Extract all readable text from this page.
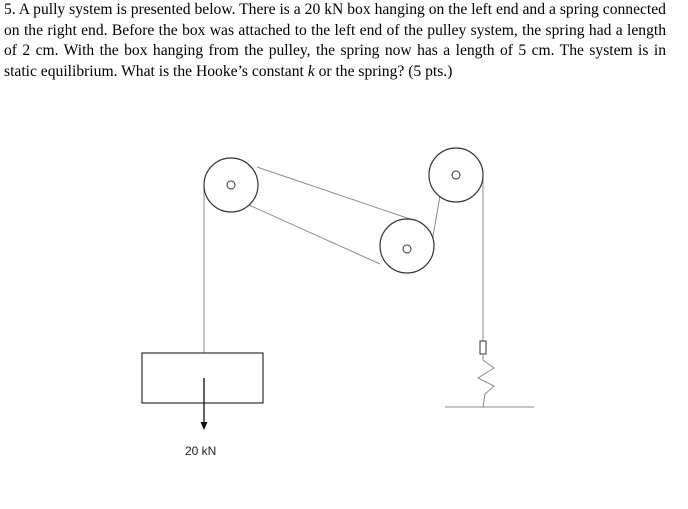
5. A pully system is presented below. There is a 20 kN box hanging on the left end and a spring connected on the right end. Before the box was attached to the left end of the pulley system, the spring had a length of 2 cm. With the box hanging from the pulley, the spring now has a length of 5 cm. The system is in static equilibrium. What is the Hooke’s constant k or the spring? (5 pts.)
20 kN
